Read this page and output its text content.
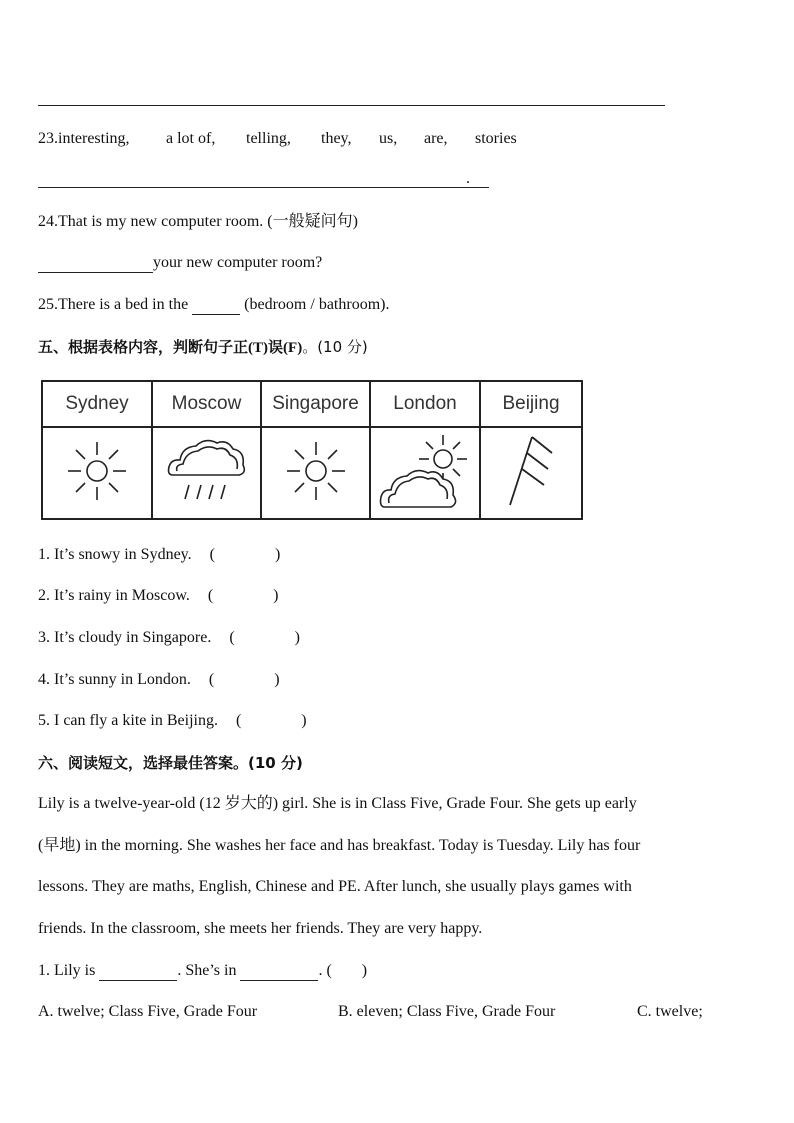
23.interesting, a lot of, telling, they, us, are, stories
.
24.That is my new computer room. (一般疑问句)
your new computer room?
25.There is a bed in the	(bedroom / bathroom).
五、根据表格内容，判断句子正(T)误(F)。(10 分)
Sydney	Moscow	Singapore	London	Beijing

1. It’s snowy in Sydney. (	)
2. It’s rainy in Moscow. (	)
3. It’s cloudy in Singapore. (	)
4. It’s sunny in London. (	)
5. I can fly a kite in Beijing. (	)
六、阅读短文，选择最佳答案。(10 分)
Lily is a twelve-year-old (12 岁大的) girl. She is in Class Five, Grade Four. She gets up early
(早地) in the morning. She washes her face and has breakfast. Today is Tuesday. Lily has four
lessons. They are maths, English, Chinese and PE. After lunch, she usually plays games with
friends. In the classroom, she meets her friends. They are very happy.
1. Lily is	. She’s in	. ( )
A. twelve; Class Five, Grade Four	B. eleven; Class Five, Grade Four	C. twelve;
